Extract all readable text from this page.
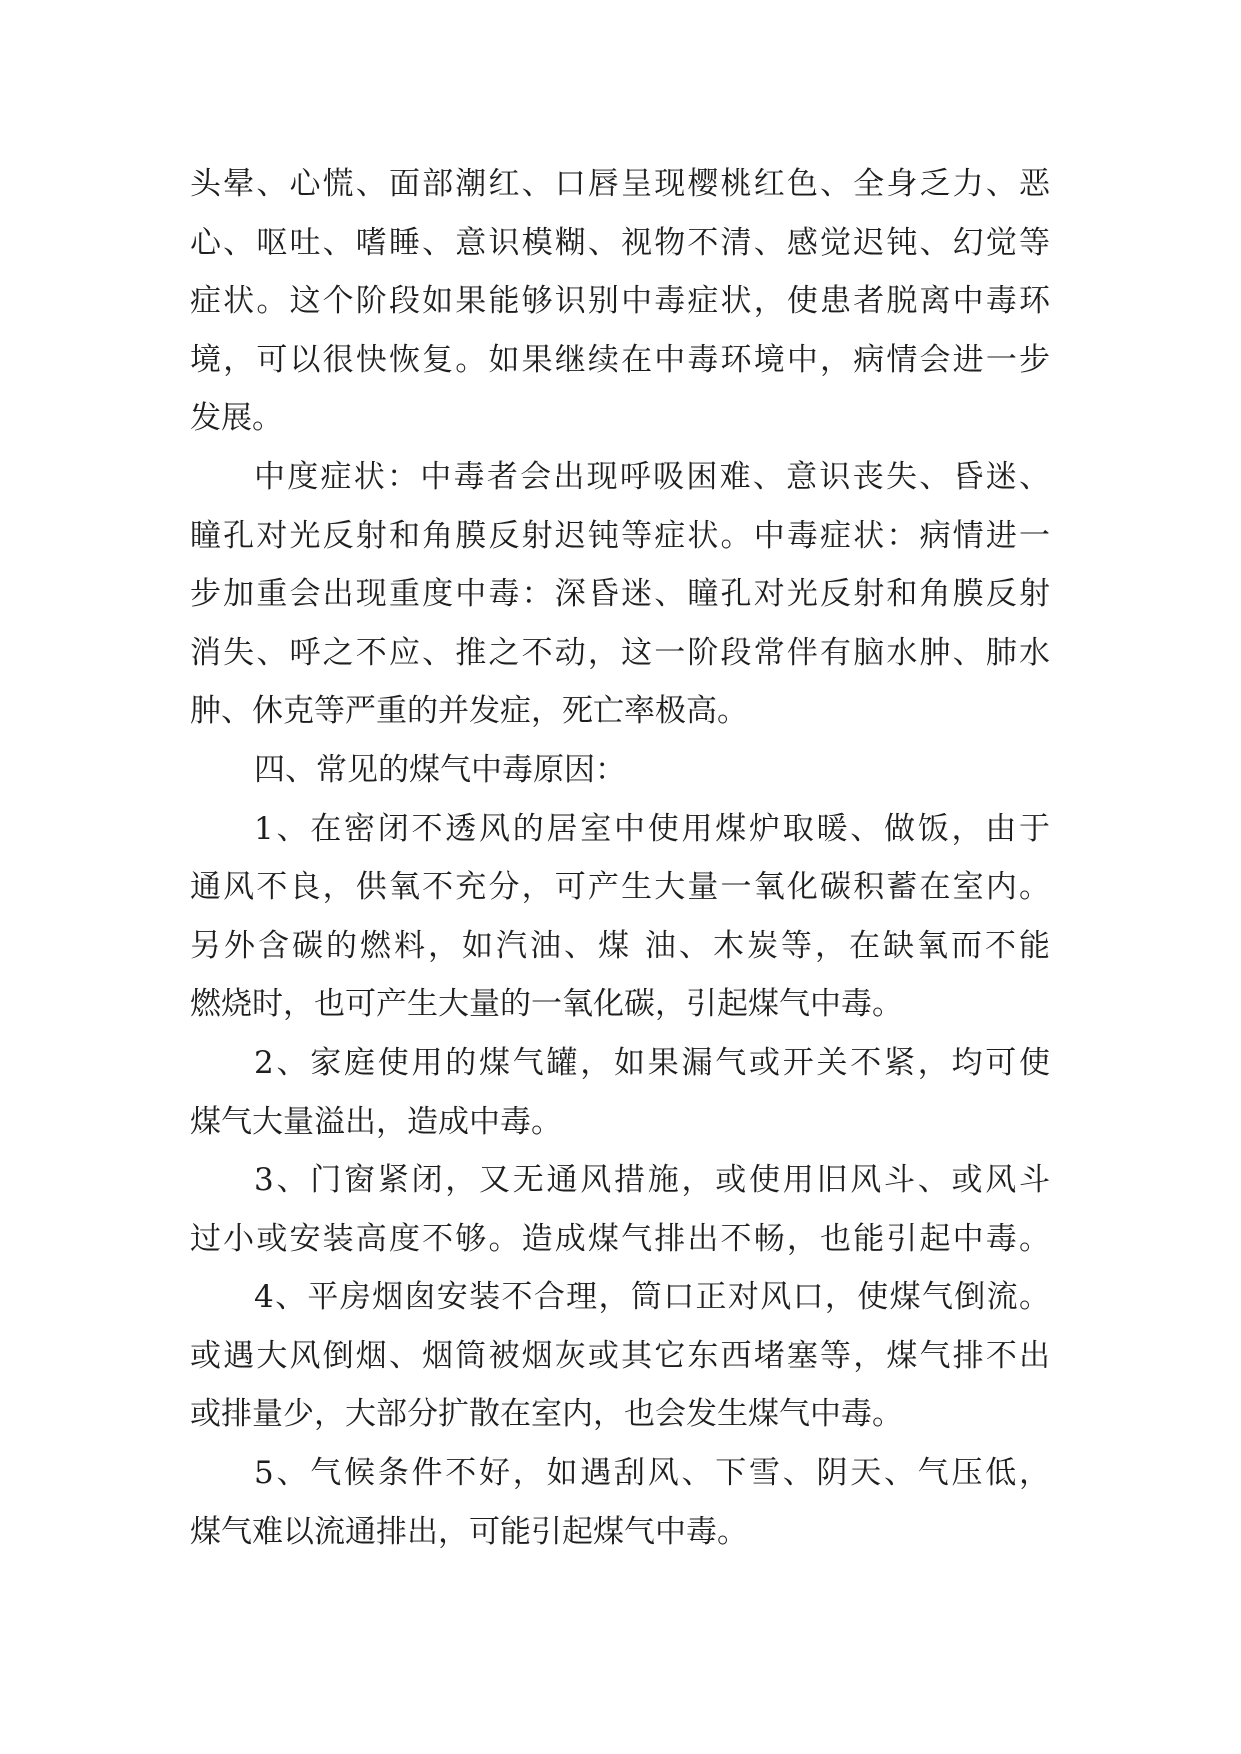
头晕、心慌、面部潮红、口唇呈现樱桃红色、全身乏力、恶
心、呕吐、嗜睡、意识模糊、视物不清、感觉迟钝、幻觉等
症状。这个阶段如果能够识别中毒症状，使患者脱离中毒环
境，可以很快恢复。如果继续在中毒环境中，病情会进一步
发展。
中度症状：中毒者会出现呼吸困难、意识丧失、昏迷、
瞳孔对光反射和角膜反射迟钝等症状。中毒症状：病情进一
步加重会出现重度中毒：深昏迷、瞳孔对光反射和角膜反射
消失、呼之不应、推之不动，这一阶段常伴有脑水肿、肺水
肿、休克等严重的并发症，死亡率极高。
四、常见的煤气中毒原因：
1、在密闭不透风的居室中使用煤炉取暖、做饭，由于
通风不良，供氧不充分，可产生大量一氧化碳积蓄在室内。
另外含碳的燃料，如汽油、煤 油、木炭等，在缺氧而不能
燃烧时，也可产生大量的一氧化碳，引起煤气中毒。
2、家庭使用的煤气罐，如果漏气或开关不紧，均可使
煤气大量溢出，造成中毒。
3、门窗紧闭，又无通风措施，或使用旧风斗、或风斗
过小或安装高度不够。造成煤气排出不畅，也能引起中毒。
4、平房烟囱安装不合理，筒口正对风口，使煤气倒流。
或遇大风倒烟、烟筒被烟灰或其它东西堵塞等，煤气排不出
或排量少，大部分扩散在室内，也会发生煤气中毒。
5、气候条件不好，如遇刮风、下雪、阴天、气压低，
煤气难以流通排出，可能引起煤气中毒。
